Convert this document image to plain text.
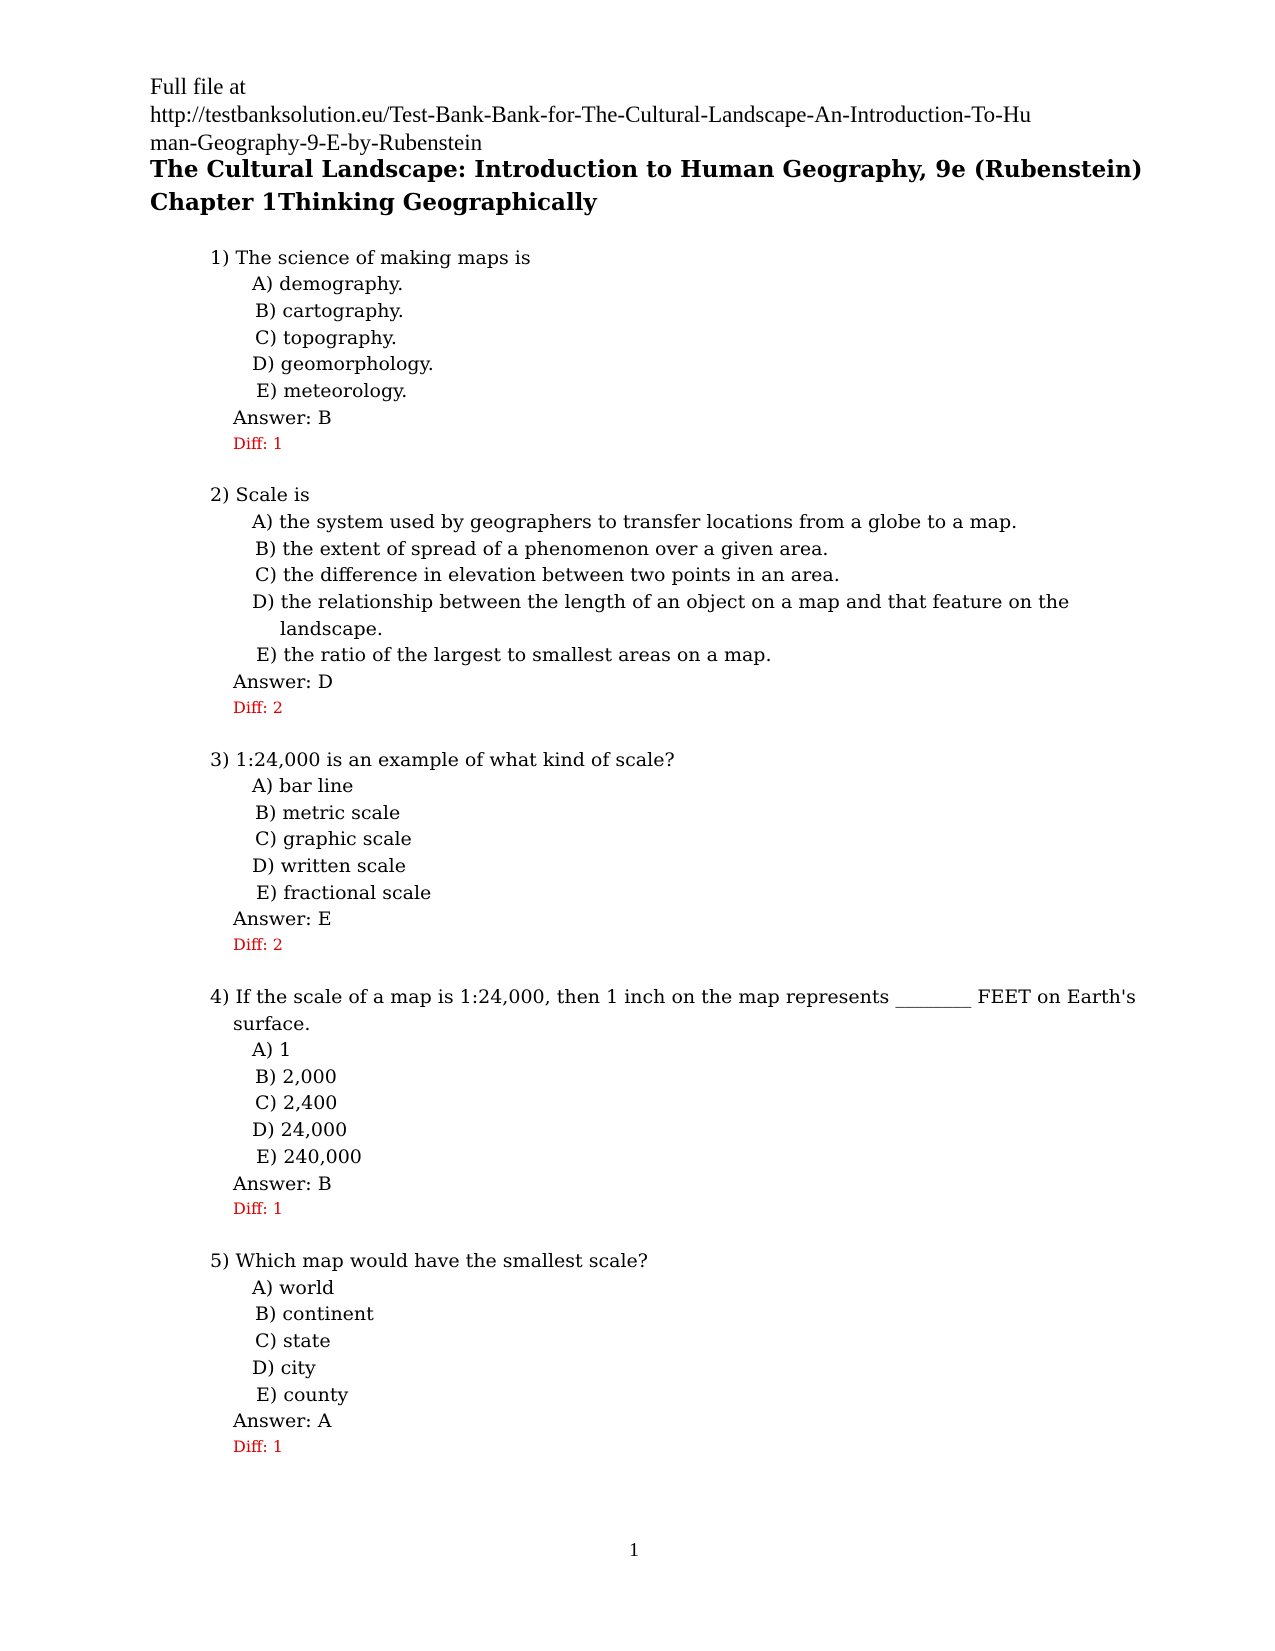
Full file at
http://testbanksolution.eu/Test-Bank-Bank-for-The-Cultural-Landscape-An-Introduction-To-Hu
man-Geography-9-E-by-Rubenstein
The Cultural Landscape: Introduction to Human Geography, 9e (Rubenstein)
Chapter 1Thinking Geographically
1) The science of making maps is
A) demography.
B) cartography.
C) topography.
D) geomorphology.
E) meteorology.
Answer: B
Diff: 1
2) Scale is
A) the system used by geographers to transfer locations from a globe to a map.
B) the extent of spread of a phenomenon over a given area.
C) the difference in elevation between two points in an area.
D) the relationship between the length of an object on a map and that feature on the
landscape.
E) the ratio of the largest to smallest areas on a map.
Answer: D
Diff: 2
3) 1:24,000 is an example of what kind of scale?
A) bar line
B) metric scale
C) graphic scale
D) written scale
E) fractional scale
Answer: E
Diff: 2
4) If the scale of a map is 1:24,000, then 1 inch on the map represents ________ FEET on Earth's
surface.
A) 1
B) 2,000
C) 2,400
D) 24,000
E) 240,000
Answer: B
Diff: 1
5) Which map would have the smallest scale?
A) world
B) continent
C) state
D) city
E) county
Answer: A
Diff: 1
1
